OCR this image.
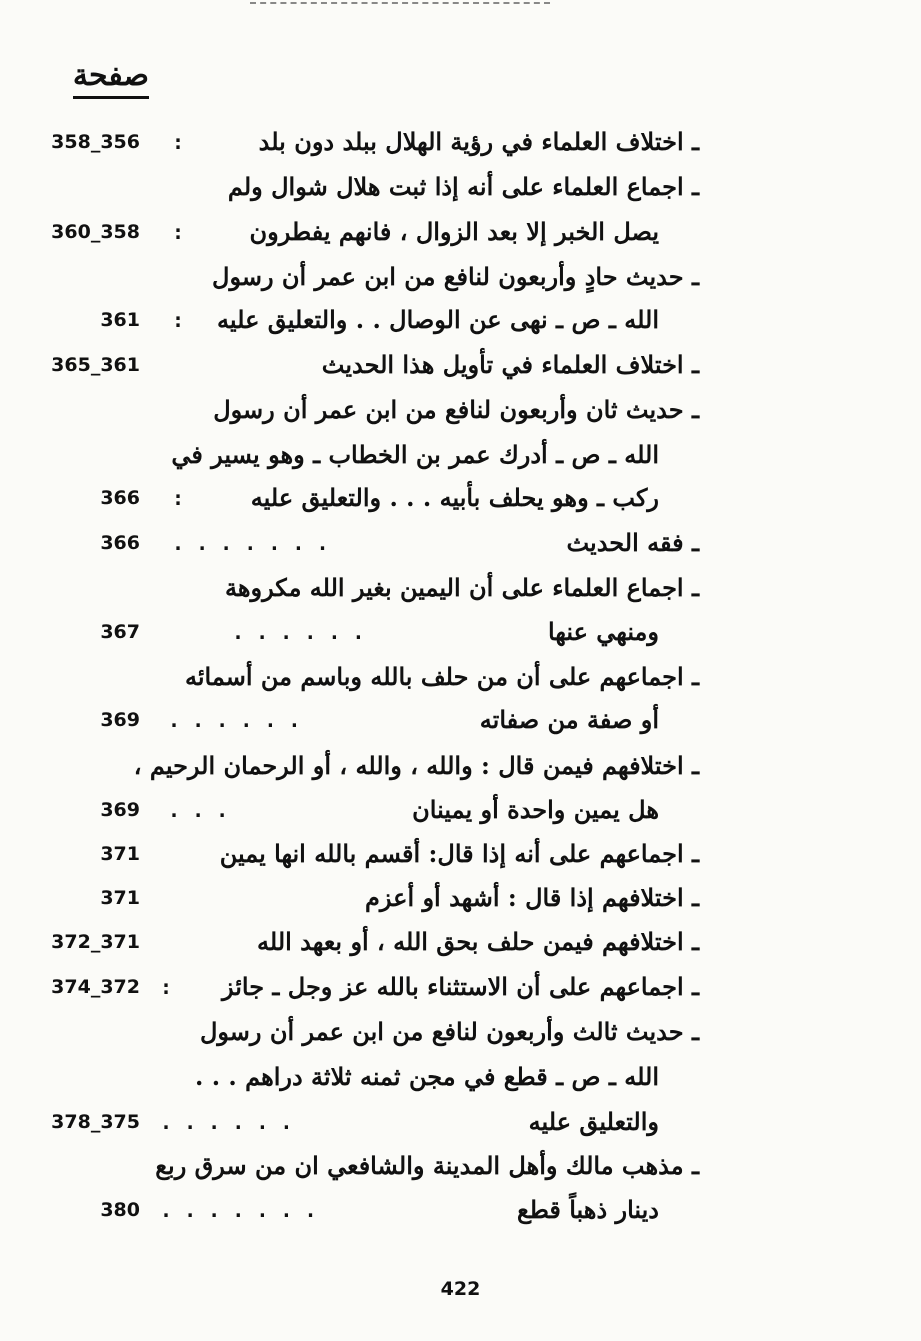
صفحة
ـ اختلاف العلماء في رؤية الهلال ببلد دون بلد
:
358_356
ـ اجماع العلماء على أنه إذا ثبت هلال شوال ولم
يصل الخبر إلا بعد الزوال ، فانهم يفطرون
:
360_358
ـ حديث حادٍ وأربعون لنافع من ابن عمر أن رسول
الله ـ ص ـ نهى عن الوصال . . والتعليق عليه
:
361
ـ اختلاف العلماء في تأويل هذا الحديث
365_361
ـ حديث ثان وأربعون لنافع من ابن عمر أن رسول
الله ـ ص ـ أدرك عمر بن الخطاب ـ وهو يسير في
ركب ـ وهو يحلف بأبيه . . . والتعليق عليه
:
366
ـ فقه الحديث
. . . . . . .
366
ـ اجماع العلماء على أن اليمين بغير الله مكروهة
ومنهي عنها
. . . . . .
367
ـ اجماعهم على أن من حلف بالله وباسم من أسمائه
أو صفة من صفاته
. . . . . .
369
ـ اختلافهم فيمن قال : والله ، والله ، أو الرحمان الرحيم ،
هل يمين واحدة أو يمينان
. . .
369
ـ اجماعهم على أنه إذا قال: أقسم بالله انها يمين
371
ـ اختلافهم إذا قال : أشهد أو أعزم
371
ـ اختلافهم فيمن حلف بحق الله ، أو بعهد الله
372_371
ـ اجماعهم على أن الاستثناء بالله عز وجل ـ جائز
:
374_372
ـ حديث ثالث وأربعون لنافع من ابن عمر أن رسول
الله ـ ص ـ قطع في مجن ثمنه ثلاثة دراهم . . .
والتعليق عليه
. . . . . .
378_375
ـ مذهب مالك وأهل المدينة والشافعي ان من سرق ربع
دينار ذهباً قطع
. . . . . . .
380
422
